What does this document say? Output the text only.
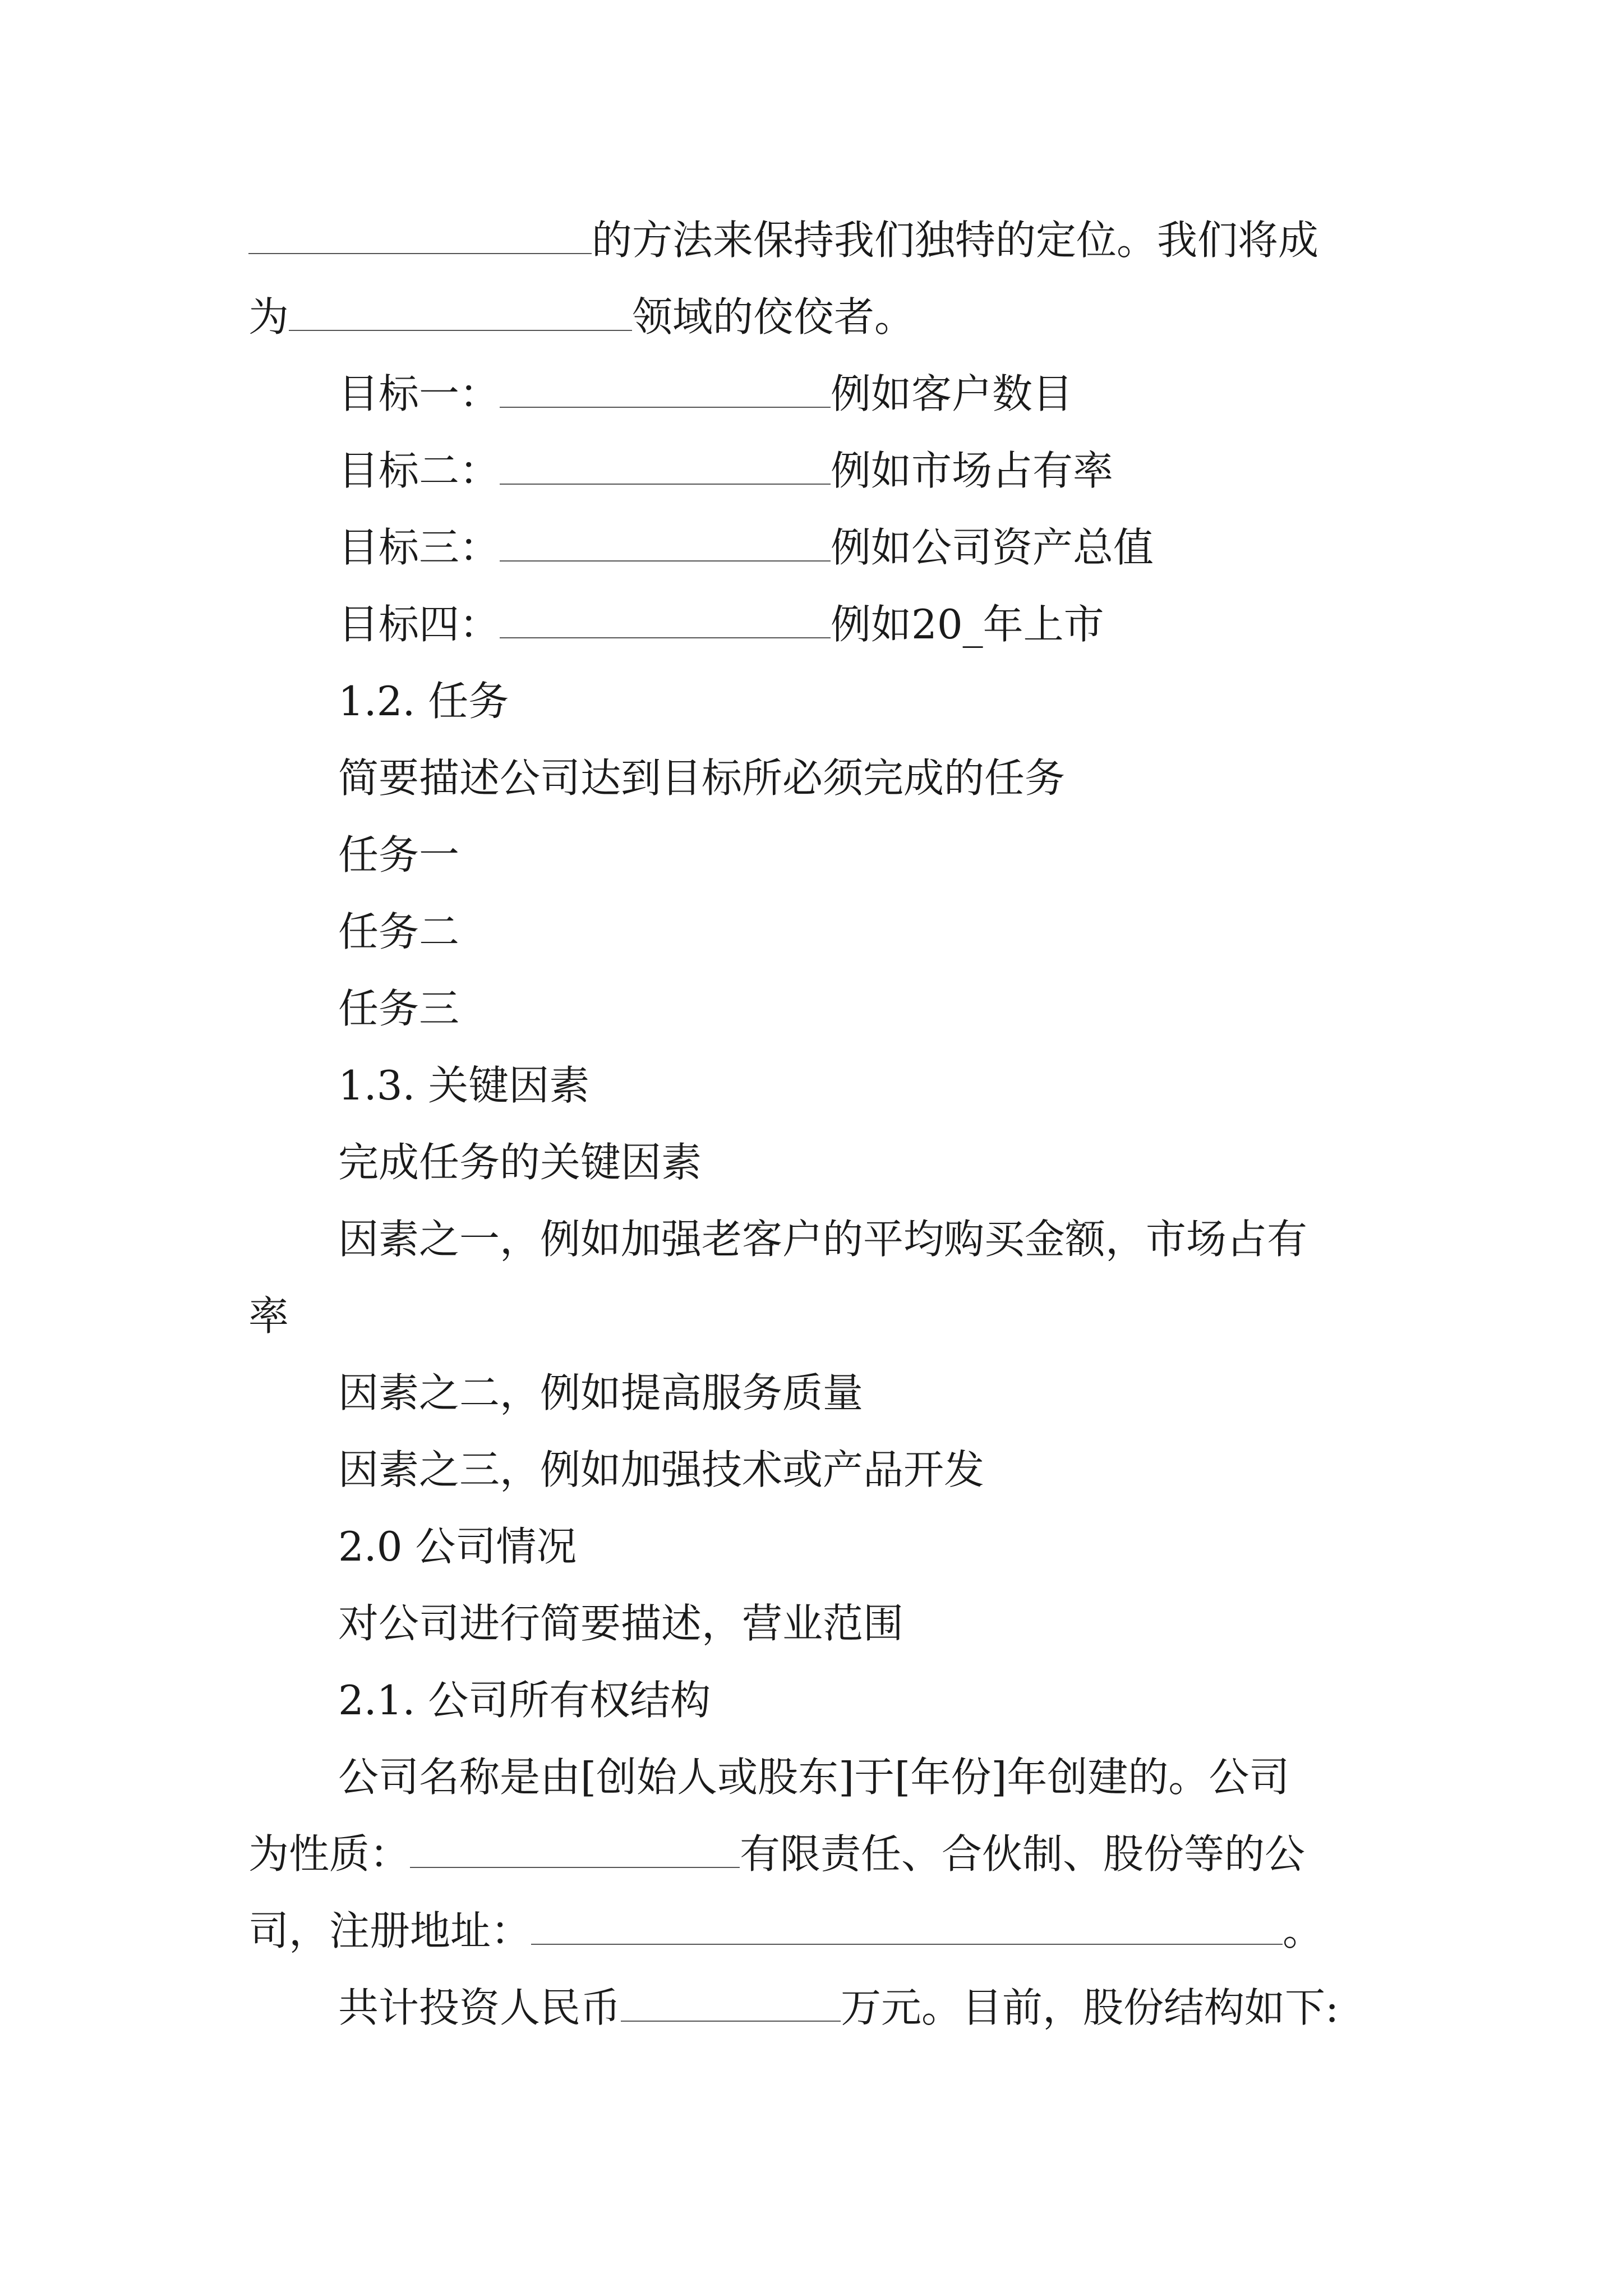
的方法来保持我们独特的定位。我们将成
为	领域的佼佼者。
目标一：	例如客户数目
目标二：	例如市场占有率
目标三：	例如公司资产总值
目标四：	例如20_年上市
1.2. 任务
简要描述公司达到目标所必须完成的任务
任务一
任务二
任务三
1.3. 关键因素
完成任务的关键因素
因素之一，例如加强老客户的平均购买金额，市场占有
率
因素之二，例如提高服务质量
因素之三，例如加强技术或产品开发
2.0 公司情况
对公司进行简要描述，营业范围
2.1. 公司所有权结构
公司名称是由[创始人或股东]于[年份]年创建的。公司
为性质：	有限责任、合伙制、股份等的公
司，注册地址：	。
共计投资人民币	万元。目前，股份结构如下:
